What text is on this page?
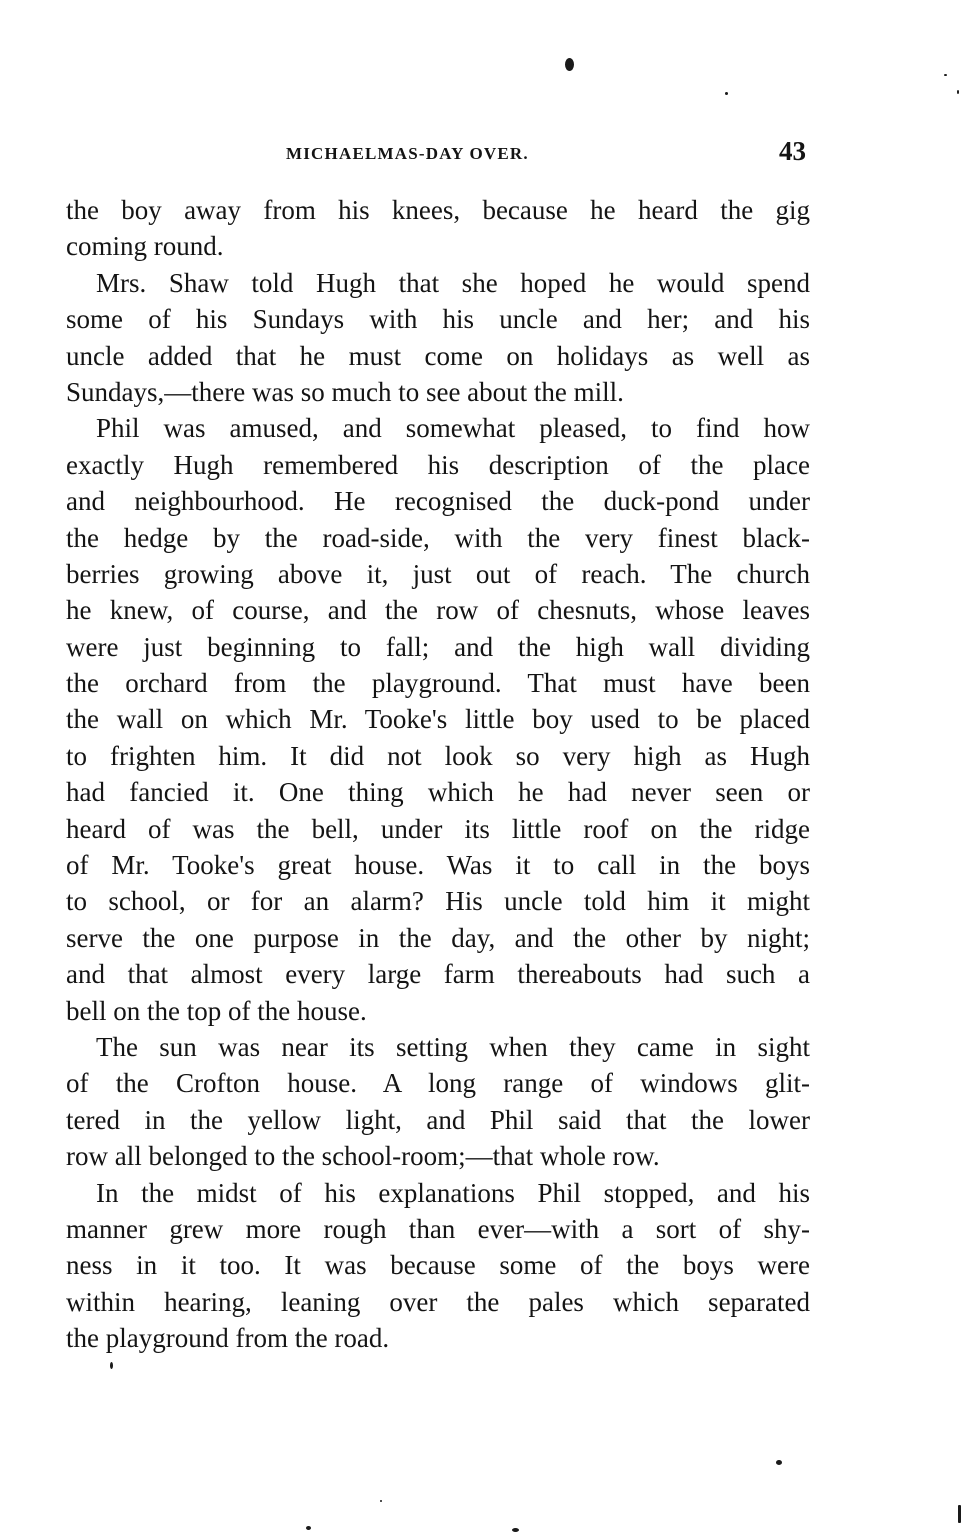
MICHAELMAS-DAY OVER.	43
the boy away from his knees, because he heard the gig
coming round.
Mrs. Shaw told Hugh that she hoped he would spend
some of his Sundays with his uncle and her; and his
uncle added that he must come on holidays as well as
Sundays,—there was so much to see about the mill.
Phil was amused, and somewhat pleased, to find how
exactly Hugh remembered his description of the place
and neighbourhood. He recognised the duck-pond under
the hedge by the road-side, with the very finest black-
berries growing above it, just out of reach. The church
he knew, of course, and the row of chesnuts, whose leaves
were just beginning to fall; and the high wall dividing
the orchard from the playground. That must have been
the wall on which Mr. Tooke's little boy used to be placed
to frighten him. It did not look so very high as Hugh
had fancied it. One thing which he had never seen or
heard of was the bell, under its little roof on the ridge
of Mr. Tooke's great house. Was it to call in the boys
to school, or for an alarm? His uncle told him it might
serve the one purpose in the day, and the other by night;
and that almost every large farm thereabouts had such a
bell on the top of the house.
The sun was near its setting when they came in sight
of the Crofton house. A long range of windows glit-
tered in the yellow light, and Phil said that the lower
row all belonged to the school-room;—that whole row.
In the midst of his explanations Phil stopped, and his
manner grew more rough than ever—with a sort of shy-
ness in it too. It was because some of the boys were
within hearing, leaning over the pales which separated
the playground from the road.
